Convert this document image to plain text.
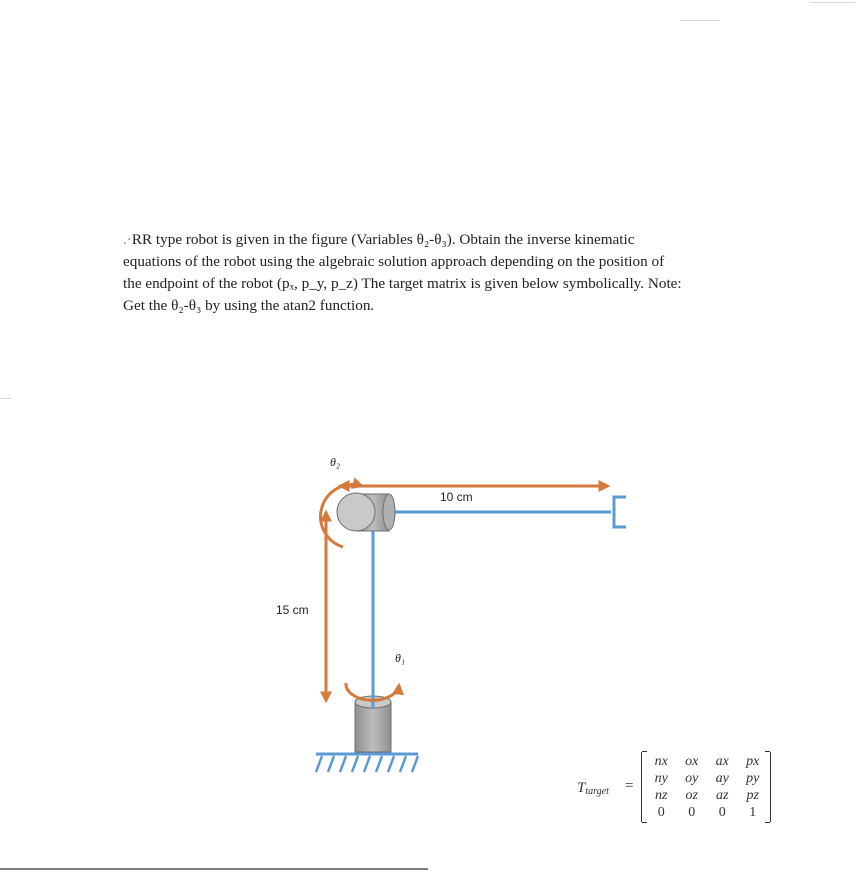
.·RR type robot is given in the figure (Variables θ₂-θ₃). Obtain the inverse kinematic
equations of the robot using the algebraic solution approach depending on the position of
the endpoint of the robot (pₓ, p_y, p_z) The target matrix is given below symbolically. Note:
Get the θ₂-θ₃ by using the atan2 function.
θ₂
θ₁
10 cm
15 cm
$T_{target}$ =
nx	ox	ax	px
ny	oy	ay	py
nz	oz	az	pz
0	0	0	1
